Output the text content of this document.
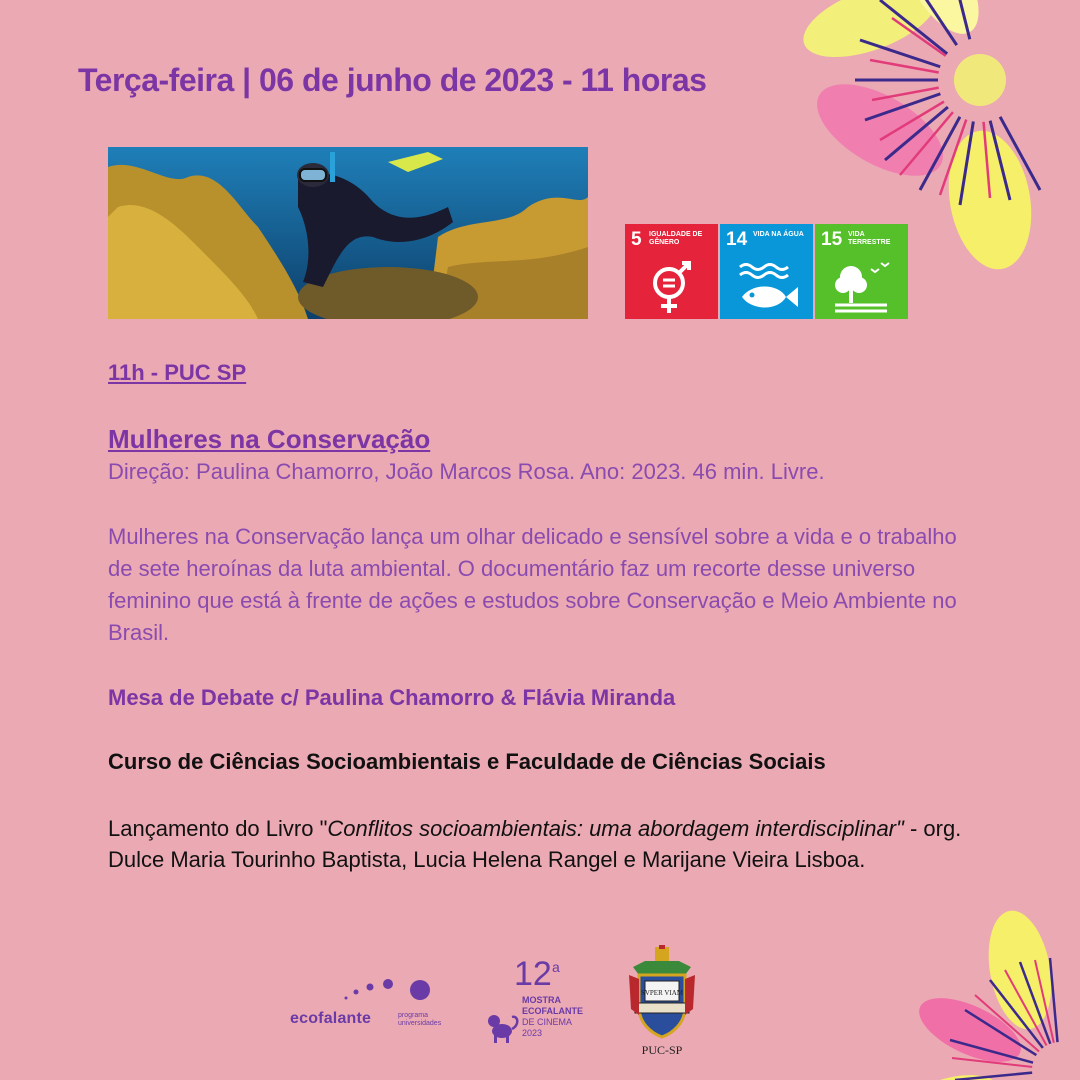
Terça-feira | 06 de junho de 2023 - 11 horas

5 IGUALDADE DE GÊNERO	14 VIDA NA ÁGUA 15 VIDA TERRESTRE

11h - PUC SP

Mulheres na Conservação

Direção: Paulina Chamorro, João Marcos Rosa. Ano: 2023. 46 min. Livre.

Mulheres na Conservação lança um olhar delicado e sensível sobre a vida e o trabalho de sete heroínas da luta ambiental. O documentário faz um recorte desse universo feminino que está à frente de ações e estudos sobre Conservação e Meio Ambiente no Brasil.

Mesa de Debate c/ Paulina Chamorro & Flávia Miranda

Curso de Ciências Socioambientais e Faculdade de Ciências Sociais

Lançamento do Livro "Conflitos socioambientais: uma abordagem interdisciplinar" - org. Dulce Maria Tourinho Baptista, Lucia Helena Rangel e Marijane Vieira Lisboa.

ecofalante	programa
universidades
12 a
MOSTRA
ECOFALANTE
DE CINEMA
2023
SVPER VIAM
PUC-SP
